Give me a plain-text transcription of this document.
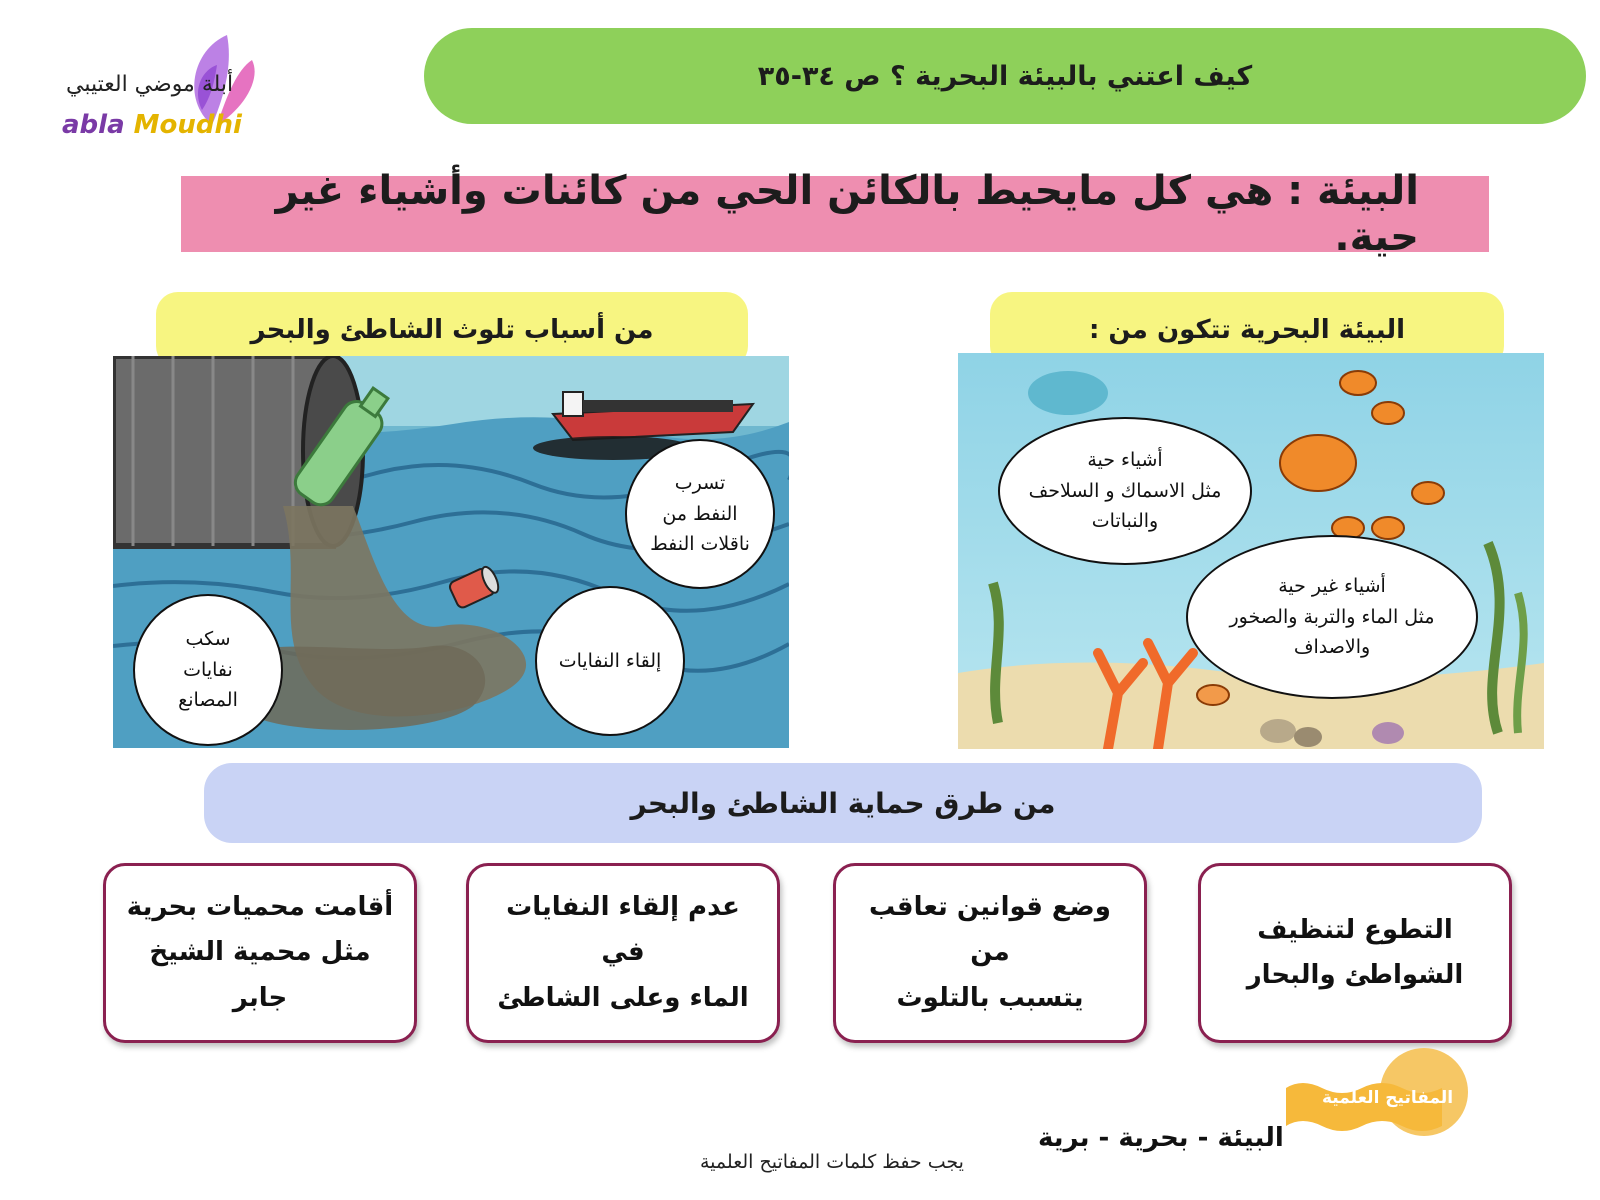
أبلة موضي العتيبي
abla Moudhi
كيف اعتني بالبيئة البحرية ؟ ص ٣٤-٣٥
البيئة : هي كل مايحيط بالكائن الحي من كائنات وأشياء غير حية.
من أسباب تلوث الشاطئ والبحر	البيئة البحرية تتكون من :
تسرب
النفط من
ناقلات النفط
إلقاء النفايات
سكب
نفايات
المصانع
أشياء حية
مثل الاسماك و السلاحف
والنباتات
أشياء غير حية
مثل الماء والتربة والصخور
والاصداف
من طرق حماية الشاطئ والبحر
التطوع لتنظيف
الشواطئ والبحار
وضع قوانين تعاقب من
يتسبب بالتلوث
عدم إلقاء النفايات في
الماء وعلى الشاطئ
أقامت محميات بحرية
مثل محمية الشيخ جابر
المفاتيح العلمية
البيئة - بحرية - برية
يجب حفظ كلمات المفاتيح العلمية
